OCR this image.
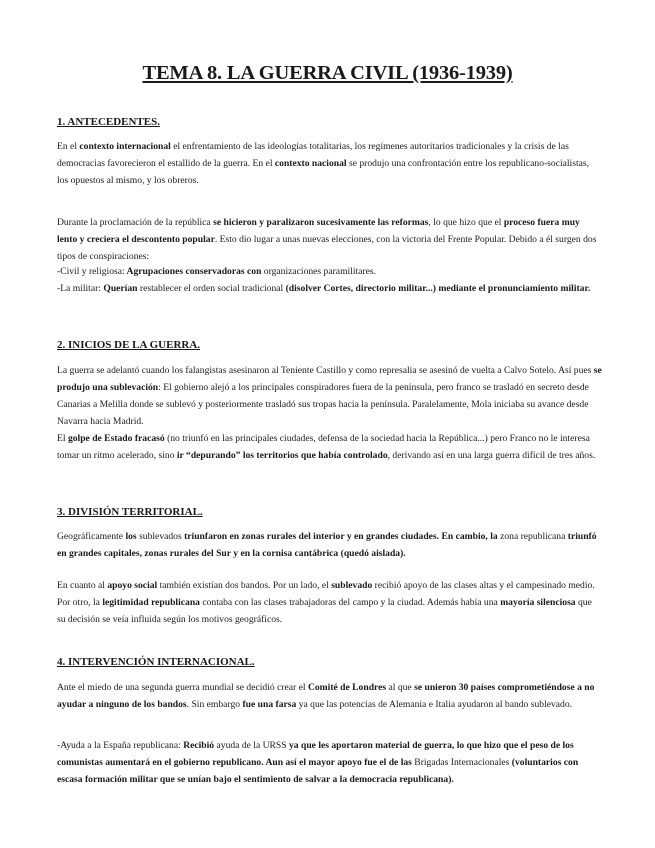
TEMA 8. LA GUERRA CIVIL (1936-1939)
1. ANTECEDENTES.
En el contexto internacional el enfrentamiento de las ideologías totalitarias, los regímenes autoritarios tradicionales y la crisis de las democracias favorecieron el estallido de la guerra. En el contexto nacional se produjo una confrontación entre los republicano-socialistas, los opuestos al mismo, y los obreros.
Durante la proclamación de la república se hicieron y paralizaron sucesivamente las reformas, lo que hizo que el proceso fuera muy lento y creciera el descontento popular. Esto dio lugar a unas nuevas elecciones, con la victoria del Frente Popular. Debido a él surgen dos tipos de conspiraciones:
-Civil y religiosa: Agrupaciones conservadoras con organizaciones paramilitares.
-La militar: Querían restablecer el orden social tradicional (disolver Cortes, directorio militar...) mediante el pronunciamiento militar.
2. INICIOS DE LA GUERRA.
La guerra se adelantó cuando los falangistas asesinaron al Teniente Castillo y como represalia se asesinó de vuelta a Calvo Sotelo. Así pues se produjo una sublevación: El gobierno alejó a los principales conspiradores fuera de la península, pero franco se trasladó en secreto desde Canarias a Melilla donde se sublevó y posteriormente trasladó sus tropas hacia la península. Paralelamente, Mola iniciaba su avance desde Navarra hacia Madrid.
El golpe de Estado fracasó (no triunfó en las principales ciudades, defensa de la sociedad hacia la República...) pero Franco no le interesa tomar un ritmo acelerado, sino ir “depurando” los territorios que había controlado, derivando así en una larga guerra difícil de tres años.
3. DIVISIÓN TERRITORIAL.
Geográficamente los sublevados triunfaron en zonas rurales del interior y en grandes ciudades. En cambio, la zona republicana triunfó en grandes capitales, zonas rurales del Sur y en la cornisa cantábrica (quedó aislada).
En cuanto al apoyo social también existían dos bandos. Por un lado, el sublevado recibió apoyo de las clases altas y el campesinado medio. Por otro, la legitimidad republicana contaba con las clases trabajadoras del campo y la ciudad. Además había una mayoría silenciosa que su decisión se veía influida según los motivos geográficos.
4. INTERVENCIÓN INTERNACIONAL.
Ante el miedo de una segunda guerra mundial se decidió crear el Comité de Londres al que se unieron 30 países comprometiéndose a no ayudar a ninguno de los bandos. Sin embargo fue una farsa ya que las potencias de Alemania e Italia ayudaron al bando sublevado.
-Ayuda a la España republicana: Recibió ayuda de la URSS ya que les aportaron material de guerra, lo que hizo que el peso de los comunistas aumentará en el gobierno republicano. Aun así el mayor apoyo fue el de las Brigadas Internacionales (voluntarios con escasa formación militar que se unían bajo el sentimiento de salvar a la democracia republicana).
